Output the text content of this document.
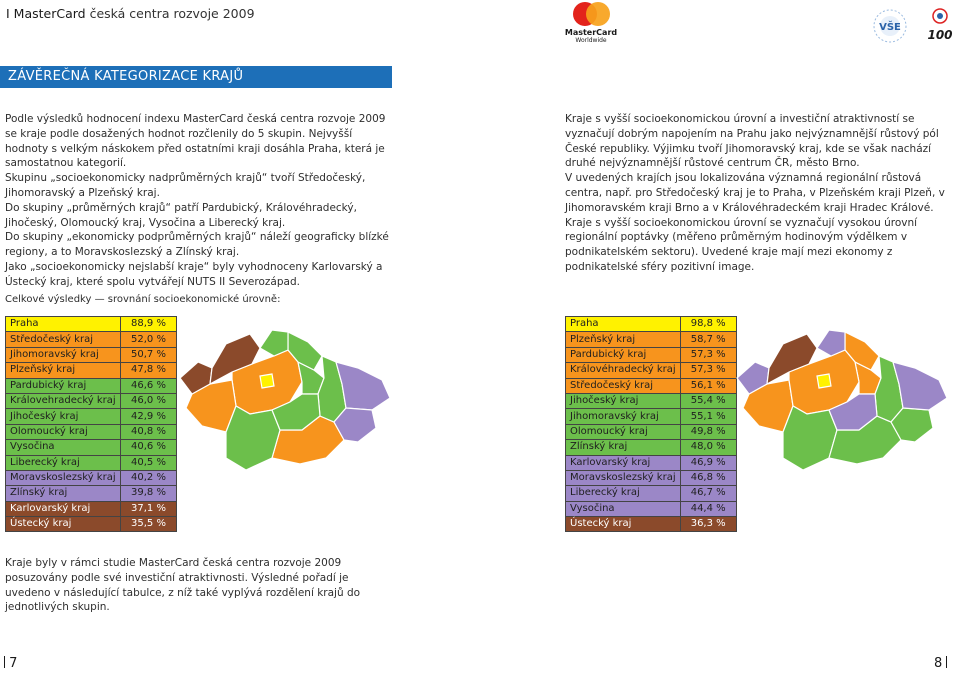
I MasterCard česká centra rozvoje 2009
MasterCard
Worldwide
VŠE
100
ZÁVĚREČNÁ KATEGORIZACE KRAJŮ

Podle výsledků hodnocení indexu MasterCard česká centra rozvoje 2009 se kraje podle dosažených hodnot rozčlenily do 5 skupin. Nejvyšší hodnoty s velkým náskokem před ostatními kraji dosáhla Praha, která je samostatnou kategorií.

Skupinu „socioekonomicky nadprůměrných krajů“ tvoří Středočeský, Jihomoravský a Plzeňský kraj.

Do skupiny „průměrných krajů“ patří Pardubický, Královéhradecký, Jihočeský, Olomoucký kraj, Vysočina a Liberecký kraj.

Do skupiny „ekonomicky podprůměrných krajů“ náleží geograficky blízké regiony, a to Moravskoslezský a Zlínský kraj.

Jako „socioekonomicky nejslabší kraje“ byly vyhodnoceny Karlovarský a Ústecký kraj, které spolu vytvářejí NUTS II Severozápad.

Kraje s vyšší socioekonomickou úrovní a investiční atraktivností se vyznačují dobrým napojením na Prahu jako nejvýznamnější růstový pól České republiky. Výjimku tvoří Jihomoravský kraj, kde se však nachází druhé nejvýznamnější růstové centrum ČR, město Brno.

V uvedených krajích jsou lokalizována významná regionální růstová centra, např. pro Středočeský kraj je to Praha, v Plzeňském kraji Plzeň, v Jihomoravském kraji Brno a v Královéhradeckém kraji Hradec Králové.

Kraje s vyšší socioekonomickou úrovní se vyznačují vysokou úrovní regionální poptávky (měřeno průměrným hodinovým výdělkem v podnikatelském sektoru). Uvedené kraje mají mezi ekonomy z podnikatelské sféry pozitivní image.

Celkové výsledky — srovnání socioekonomické úrovně:
Praha	88,9 %
Středočeský kraj	52,0 %
Jihomoravský kraj	50,7 %
Plzeňský kraj	47,8 %
Pardubický kraj	46,6 %
Královehradecký kraj	46,0 %
Jihočeský kraj	42,9 %
Olomoucký kraj	40,8 %
Vysočina	40,6 %
Liberecký kraj	40,5 %
Moravskoslezský kraj	40,2 %
Zlínský kraj	39,8 %
Karlovarský kraj	37,1 %
Ústecký kraj	35,5 %
Praha	98,8 %
Plzeňský kraj	58,7 %
Pardubický kraj	57,3 %
Královéhradecký kraj	57,3 %
Středočeský kraj	56,1 %
Jihočeský kraj	55,4 %
Jihomoravský kraj	55,1 %
Olomoucký kraj	49,8 %
Zlínský kraj	48,0 %
Karlovarský kraj	46,9 %
Moravskoslezský kraj	46,8 %
Liberecký kraj	46,7 %
Vysočina	44,4 %
Ústecký kraj	36,3 %
Kraje byly v rámci studie MasterCard česká centra rozvoje 2009 posuzovány podle své investiční atraktivnosti. Výsledné pořadí je uvedeno v následující tabulce, z níž také vyplývá rozdělení krajů do jednotlivých skupin.
7	8
